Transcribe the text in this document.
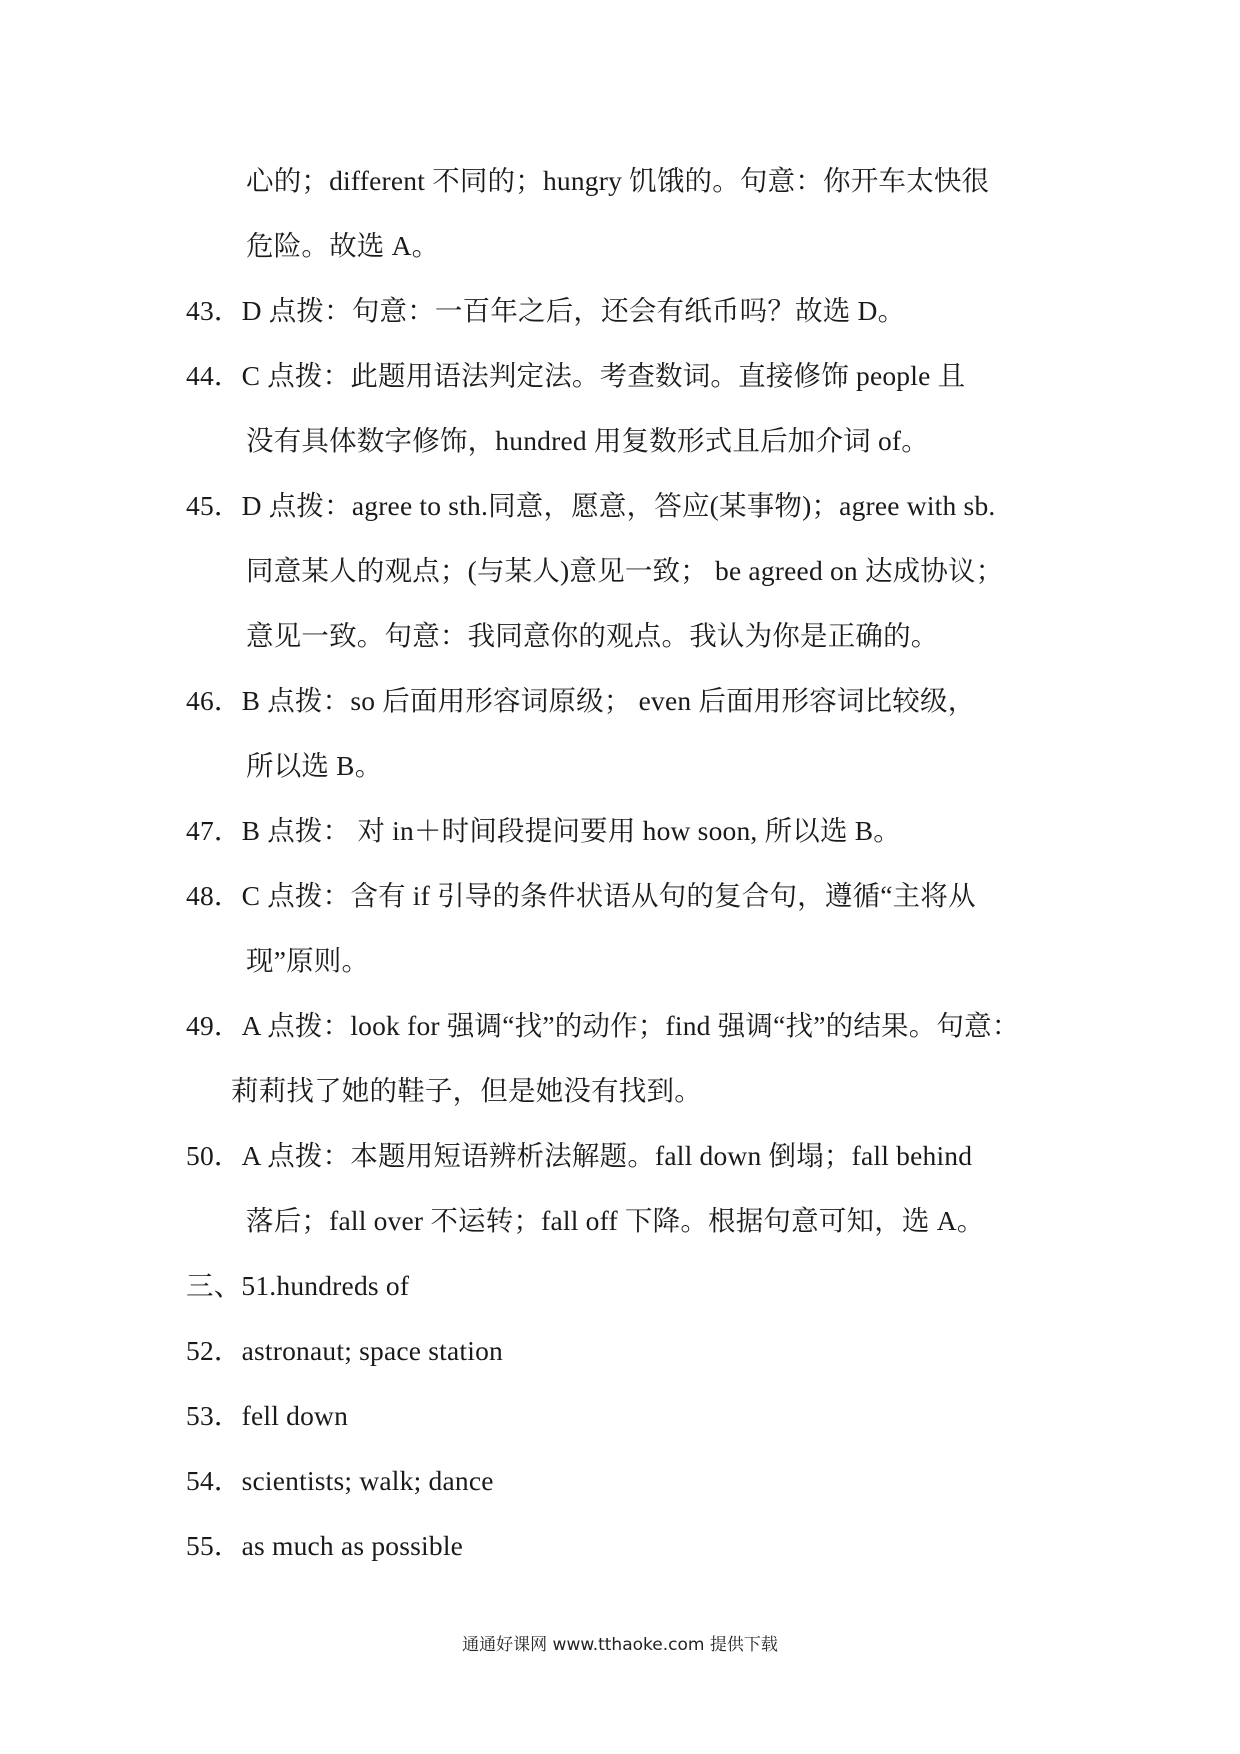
心的；different 不同的；hungry 饥饿的。句意：你开车太快很
危险。故选 A。
43．D 点拨：句意：一百年之后，还会有纸币吗？故选 D。
44．C 点拨：此题用语法判定法。考查数词。直接修饰 people 且
没有具体数字修饰，hundred 用复数形式且后加介词 of。
45．D 点拨：agree to sth.同意，愿意，答应(某事物)；agree with sb.
同意某人的观点；(与某人)意见一致； be agreed on 达成协议；
意见一致。句意：我同意你的观点。我认为你是正确的。
46．B 点拨：so 后面用形容词原级； even 后面用形容词比较级，
所以选 B。
47．B 点拨： 对 in＋时间段提问要用 how soon, 所以选 B。
48．C 点拨：含有 if 引导的条件状语从句的复合句，遵循“主将从
现”原则。
49．A 点拨：look for 强调“找”的动作；find 强调“找”的结果。句意：
莉莉找了她的鞋子，但是她没有找到。
50．A 点拨：本题用短语辨析法解题。fall down 倒塌；fall behind
落后；fall over 不运转；fall off 下降。根据句意可知，选 A。
三、51.hundreds of
52．astronaut; space station
53．fell down
54．scientists; walk; dance
55．as much as possible
通通好课网 www.tthaoke.com 提供下载
